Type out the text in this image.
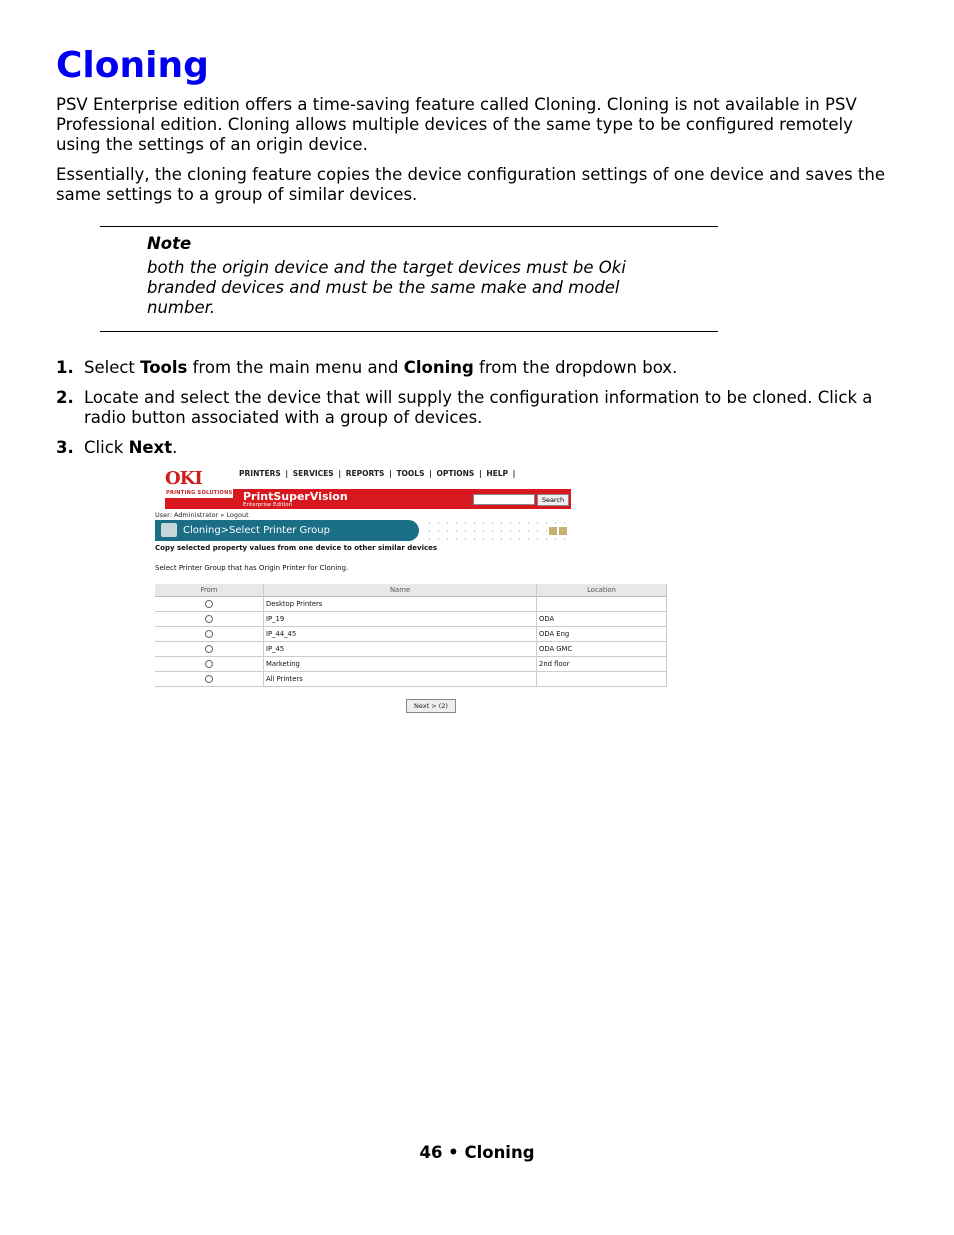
Cloning

PSV Enterprise edition offers a time-saving feature called Cloning. Cloning is not available in PSV Professional edition. Cloning allows multiple devices of the same type to be configured remotely using the settings of an origin device.

Essentially, the cloning feature copies the device configuration settings of one device and saves the same settings to a group of similar devices.

Note
both the origin device and the target devices must be Oki branded devices and must be the same make and model number.
1. Select Tools from the main menu and Cloning from the dropdown box.
2. Locate and select the device that will supply the configuration information to be cloned. Click a radio button associated with a group of devices.
3. Click Next.
OKI
PRINTING SOLUTIONS
PRINTERS | SERVICES | REPORTS | TOOLS | OPTIONS | HELP |
PrintSuperVision
Enterprise Edition
Search
User: Administrator » Logout
Cloning>Select Printer Group
Copy selected property values from one device to other similar devices
Select Printer Group that has Origin Printer for Cloning.
From	Name	Location
	Desktop Printers	
	IP_19	ODA
	IP_44_45	ODA Eng
	IP_45	ODA GMC
	Marketing	2nd floor
	All Printers	
Next > (2)
46 • Cloning
